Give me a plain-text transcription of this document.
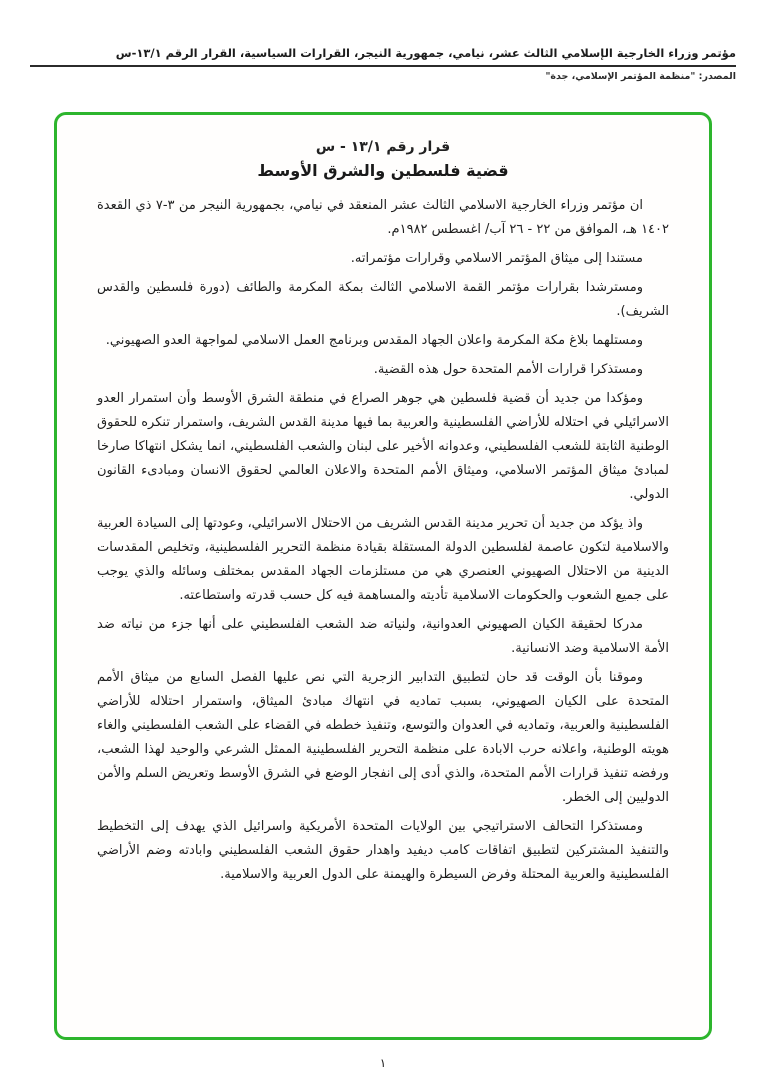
مؤتمر وزراء الخارجية الإسلامي الثالث عشر، نيامي، جمهورية النيجر، القرارات السياسية، القرار الرقم ١٣/١-س
المصدر: "منظمة المؤتمر الإسلامي، جدة"
قرار رقم ١٣/١ - س
قضية فلسطين والشرق الأوسط

ان مؤتمر وزراء الخارجية الاسلامي الثالث عشر المنعقد في نيامي، بجمهورية النيجر من ٣-٧ ذي القعدة ١٤٠٢ هـ، الموافق من ٢٢ - ٢٦ آب/ اغسطس ١٩٨٢م.

مستندا إلى ميثاق المؤتمر الاسلامي وقرارات مؤتمراته.

ومسترشدا بقرارات مؤتمر القمة الاسلامي الثالث بمكة المكرمة والطائف (دورة فلسطين والقدس الشريف).

ومستلهما بلاغ مكة المكرمة واعلان الجهاد المقدس وبرنامج العمل الاسلامي لمواجهة العدو الصهيوني.

ومستذكرا قرارات الأمم المتحدة حول هذه القضية.

ومؤكدا من جديد أن قضية فلسطين هي جوهر الصراع في منطقة الشرق الأوسط وأن استمرار العدو الاسرائيلي في احتلاله للأراضي الفلسطينية والعربية بما فيها مدينة القدس الشريف، واستمرار تنكره للحقوق الوطنية الثابتة للشعب الفلسطيني، وعدوانه الأخير على لبنان والشعب الفلسطيني، انما يشكل انتهاكا صارخا لمبادئ ميثاق المؤتمر الاسلامي، وميثاق الأمم المتحدة والاعلان العالمي لحقوق الانسان ومبادىء القانون الدولي.

واذ يؤكد من جديد أن تحرير مدينة القدس الشريف من الاحتلال الاسرائيلي، وعودتها إلى السيادة العربية والاسلامية لتكون عاصمة لفلسطين الدولة المستقلة بقيادة منظمة التحرير الفلسطينية، وتخليص المقدسات الدينية من الاحتلال الصهيوني العنصري هي من مستلزمات الجهاد المقدس بمختلف وسائله والذي يوجب على جميع الشعوب والحكومات الاسلامية تأديته والمساهمة فيه كل حسب قدرته واستطاعته.

مدركا لحقيقة الكيان الصهيوني العدوانية، ولنياته ضد الشعب الفلسطيني على أنها جزء من نياته ضد الأمة الاسلامية وضد الانسانية.

وموقنا بأن الوقت قد حان لتطبيق التدابير الزجرية التي نص عليها الفصل السابع من ميثاق الأمم المتحدة على الكيان الصهيوني، بسبب تماديه في انتهاك مبادئ الميثاق، واستمرار احتلاله للأراضي الفلسطينية والعربية، وتماديه في العدوان والتوسع، وتنفيذ خططه في القضاء على الشعب الفلسطيني والغاء هويته الوطنية، واعلانه حرب الابادة على منظمة التحرير الفلسطينية الممثل الشرعي والوحيد لهذا الشعب، ورفضه تنفيذ قرارات الأمم المتحدة، والذي أدى إلى انفجار الوضع في الشرق الأوسط وتعريض السلم والأمن الدوليين إلى الخطر.

ومستذكرا التحالف الاستراتيجي بين الولايات المتحدة الأمريكية واسرائيل الذي يهدف إلى التخطيط والتنفيذ المشتركين لتطبيق اتفاقات كامب ديفيد واهدار حقوق الشعب الفلسطيني وابادته وضم الأراضي الفلسطينية والعربية المحتلة وفرض السيطرة والهيمنة على الدول العربية والاسلامية.

١
